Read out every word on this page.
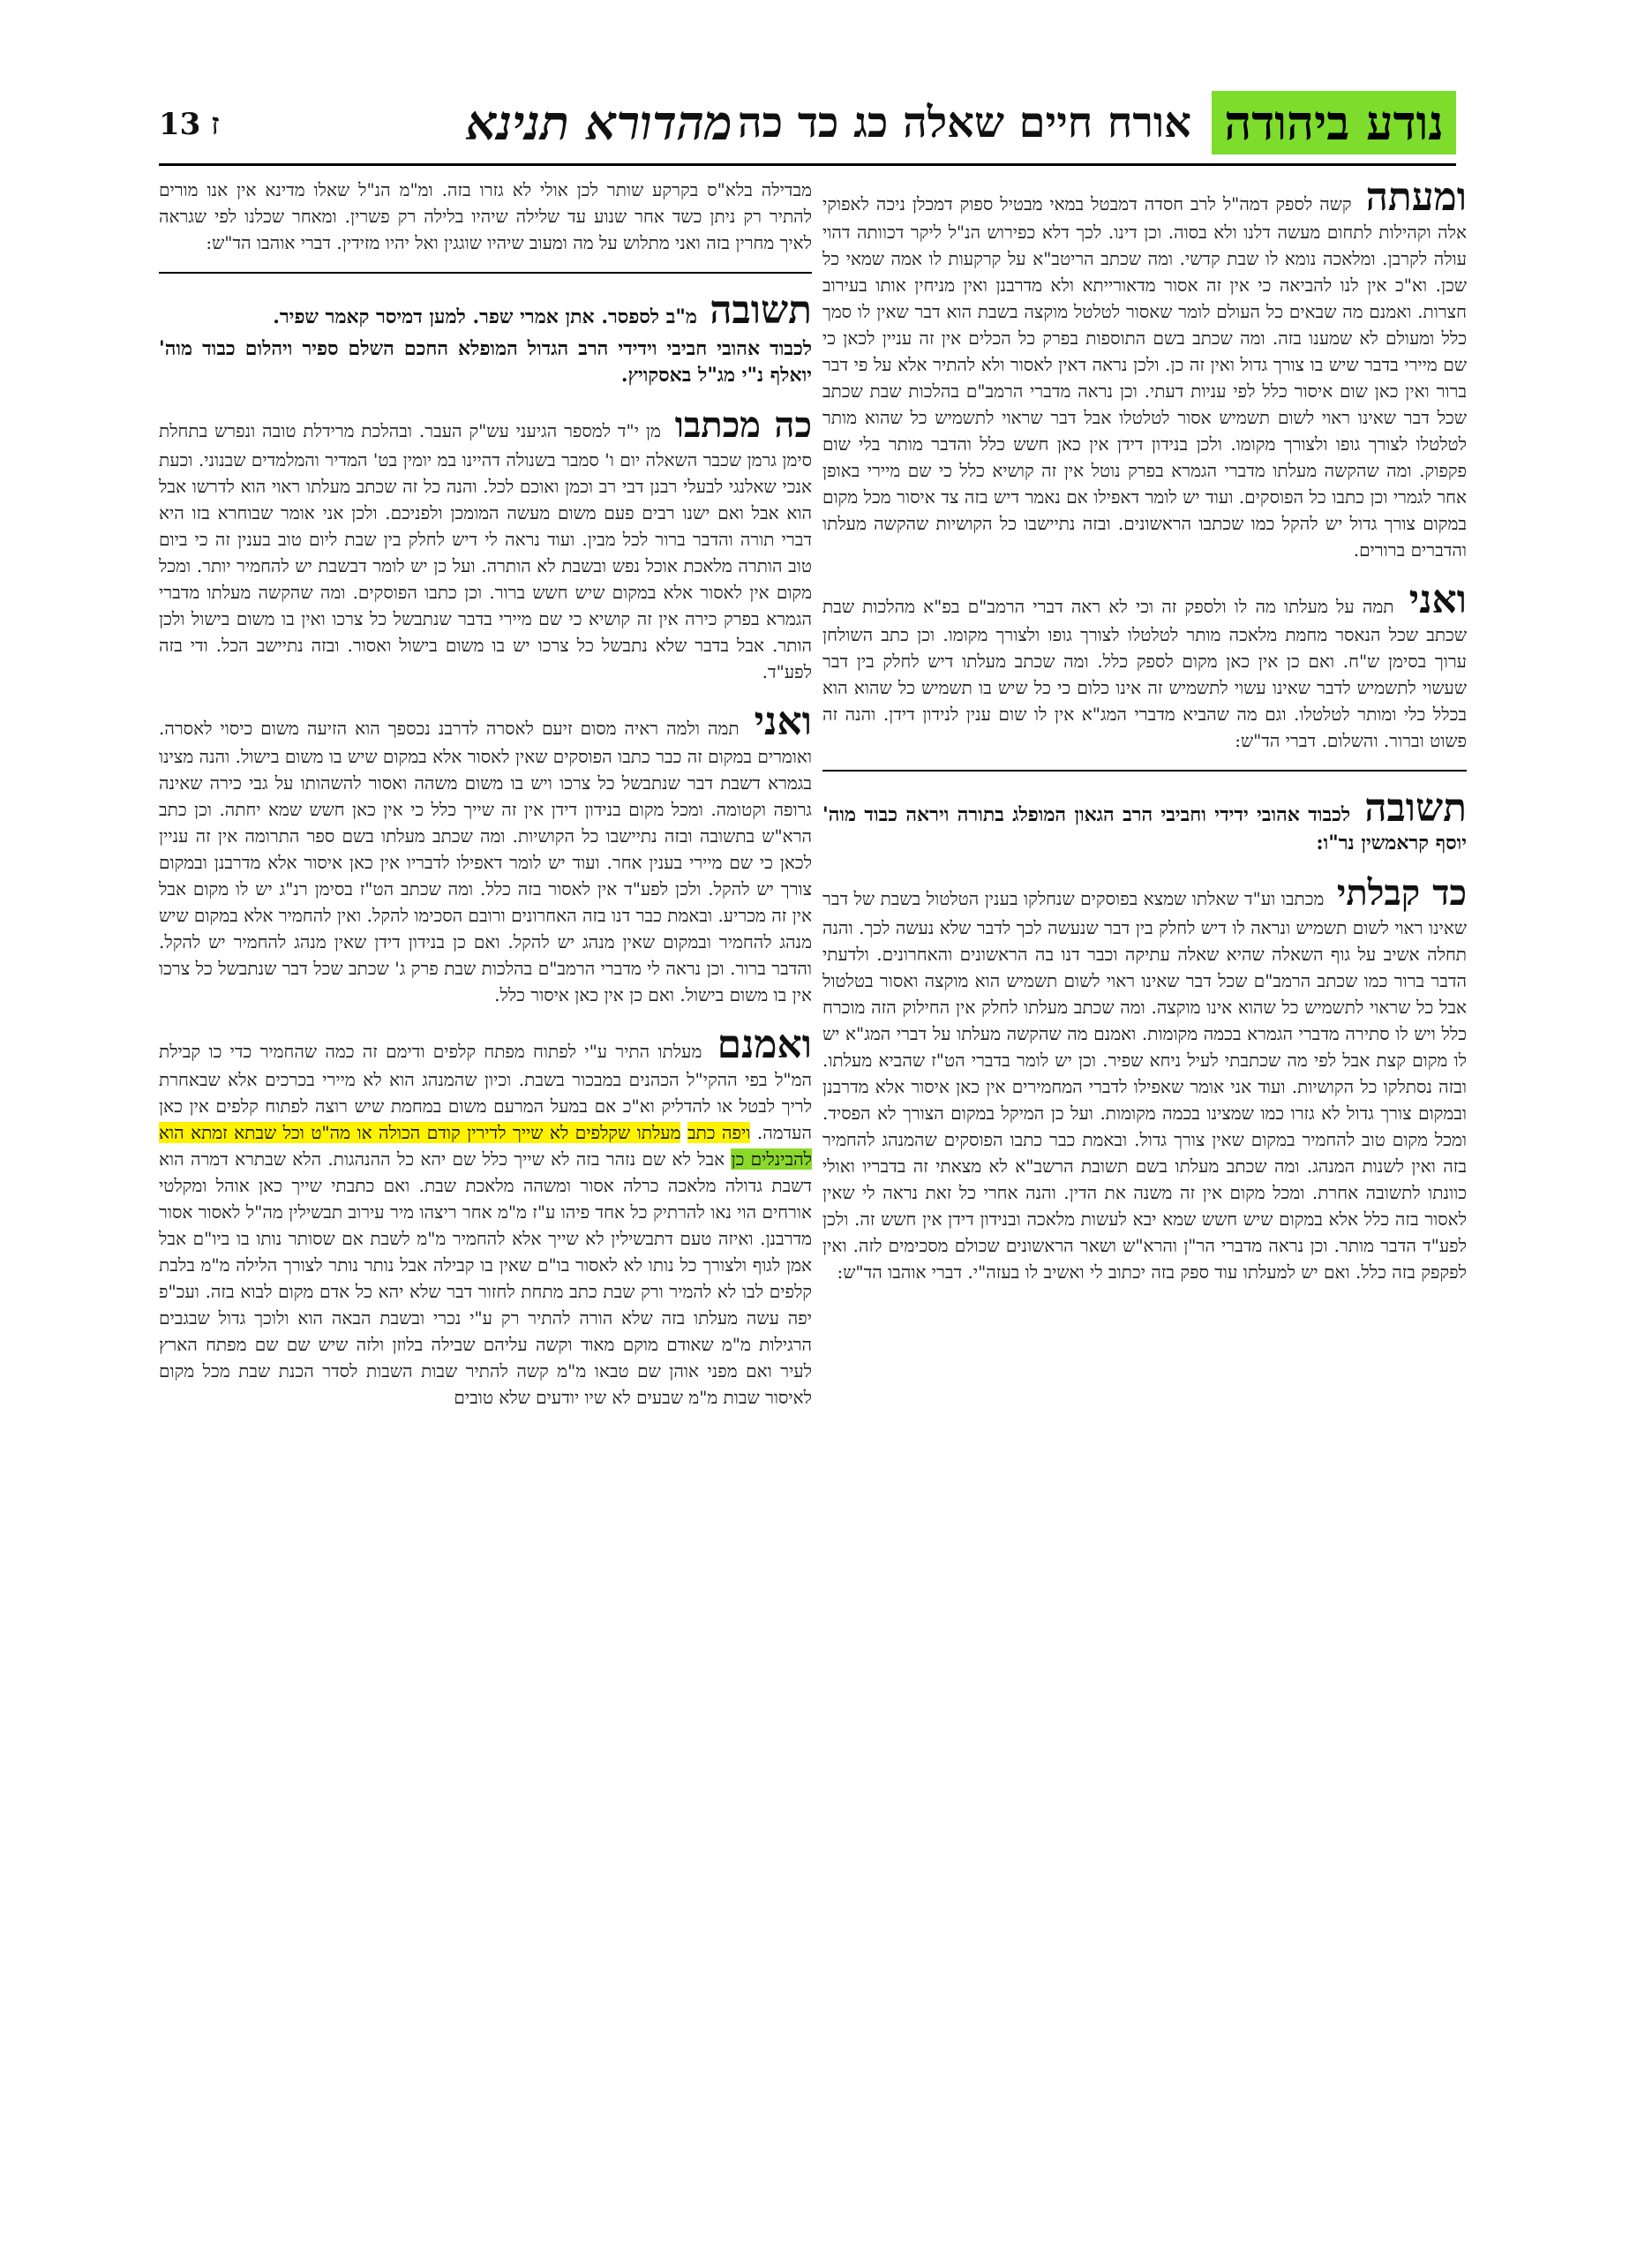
נודע ביהודה
אורח חיים שאלה כג כד כה
מהדורא תנינא
13 ז

ומעתה קשה לספק דמה"ל לרב חסדה דמבטל במאי מבטיל ספוק דמכלן ניכה לאפוקי אלה וקהילות לתחום מעשה דלנו ולא בסוה. וכן דינו. לכך דלא כפירוש הנ"ל ליקר דכוותה דהוי עולה לקרבן. ומלאכה נומא לו שבת קדשי. ומה שכתב הריטב"א על קרקעות לו אמה שמאי כל שכן. וא"כ אין לנו להביאה כי אין זה אסור מדאורייתא ולא מדרבנן ואין מניחין אותו בעירוב חצרות. ואמנם מה שבאים כל העולם לומר שאסור לטלטל מוקצה בשבת הוא דבר שאין לו סמך כלל ומעולם לא שמענו בזה. ומה שכתב בשם התוספות בפרק כל הכלים אין זה עניין לכאן כי שם מיירי בדבר שיש בו צורך גדול ואין זה כן. ולכן נראה דאין לאסור ולא להתיר אלא על פי דבר ברור ואין כאן שום איסור כלל לפי עניות דעתי. וכן נראה מדברי הרמב"ם בהלכות שבת שכתב שכל דבר שאינו ראוי לשום תשמיש אסור לטלטלו אבל דבר שראוי לתשמיש כל שהוא מותר לטלטלו לצורך גופו ולצורך מקומו. ולכן בנידון דידן אין כאן חשש כלל והדבר מותר בלי שום פקפוק. ומה שהקשה מעלתו מדברי הגמרא בפרק נוטל אין זה קושיא כלל כי שם מיירי באופן אחר לגמרי וכן כתבו כל הפוסקים. ועוד יש לומר דאפילו אם נאמר דיש בזה צד איסור מכל מקום במקום צורך גדול יש להקל כמו שכתבו הראשונים. ובזה נתיישבו כל הקושיות שהקשה מעלתו והדברים ברורים.

ואני תמה על מעלתו מה לו ולספק זה וכי לא ראה דברי הרמב"ם בפ"א מהלכות שבת שכתב שכל הנאסר מחמת מלאכה מותר לטלטלו לצורך גופו ולצורך מקומו. וכן כתב השולחן ערוך בסימן ש"ח. ואם כן אין כאן מקום לספק כלל. ומה שכתב מעלתו דיש לחלק בין דבר שעשוי לתשמיש לדבר שאינו עשוי לתשמיש זה אינו כלום כי כל שיש בו תשמיש כל שהוא הוא בכלל כלי ומותר לטלטלו. וגם מה שהביא מדברי המג"א אין לו שום ענין לנידון דידן. והנה זה פשוט וברור. והשלום. דברי הד"ש:

תשובה לכבוד אהובי ידידי וחביבי הרב הגאון המופלג בתורה ויראה כבוד מוה' יוסף קראמשין נר"ו:

כד קבלתי מכתבו וע"ד שאלתו שמצא בפוסקים שנחלקו בענין הטלטול בשבת של דבר שאינו ראוי לשום תשמיש ונראה לו דיש לחלק בין דבר שנעשה לכך לדבר שלא נעשה לכך. והנה תחלה אשיב על גוף השאלה שהיא שאלה עתיקה וכבר דנו בה הראשונים והאחרונים. ולדעתי הדבר ברור כמו שכתב הרמב"ם שכל דבר שאינו ראוי לשום תשמיש הוא מוקצה ואסור בטלטול אבל כל שראוי לתשמיש כל שהוא אינו מוקצה. ומה שכתב מעלתו לחלק אין החילוק הזה מוכרח כלל ויש לו סתירה מדברי הגמרא בכמה מקומות. ואמנם מה שהקשה מעלתו על דברי המג"א יש לו מקום קצת אבל לפי מה שכתבתי לעיל ניחא שפיר. וכן יש לומר בדברי הט"ז שהביא מעלתו. ובזה נסתלקו כל הקושיות. ועוד אני אומר שאפילו לדברי המחמירים אין כאן איסור אלא מדרבנן ובמקום צורך גדול לא גזרו כמו שמצינו בכמה מקומות. ועל כן המיקל במקום הצורך לא הפסיד. ומכל מקום טוב להחמיר במקום שאין צורך גדול. ובאמת כבר כתבו הפוסקים שהמנהג להחמיר בזה ואין לשנות המנהג. ומה שכתב מעלתו בשם תשובת הרשב"א לא מצאתי זה בדבריו ואולי כוונתו לתשובה אחרת. ומכל מקום אין זה משנה את הדין. והנה אחרי כל זאת נראה לי שאין לאסור בזה כלל אלא במקום שיש חשש שמא יבא לעשות מלאכה ובנידון דידן אין חשש זה. ולכן לפע"ד הדבר מותר. וכן נראה מדברי הר"ן והרא"ש ושאר הראשונים שכולם מסכימים לזה. ואין לפקפק בזה כלל. ואם יש למעלתו עוד ספק בזה יכתוב לי ואשיב לו בעזה"י. דברי אוהבו הד"ש:

מבדילה בלא"ס בקרקע שותר לכן אולי לא גזרו בזה. ומ"מ הנ"ל שאלו מדינא אין אנו מורים להתיר רק ניתן כשד אחר שנוע עד שלילה שיהיו בלילה רק פשרין. ומאחר שכלנו לפי שגראה לאיך מחרין בזה ואני מתלוש על מה ומעוב שיהיו שוגגין ואל יהיו מזידין. דברי אוהבו הד"ש:

תשובה מ"ב לספסר. אתן אמרי שפר. למען דמיסר קאמר שפיר.

לכבוד אהובי חביבי וידידי הרב הגדול המופלא החכם השלם ספיר ויהלום כבוד מוה' יואלף נ"י מג"ל באסקויץ.

כה מכתבו מן י"ד למספר הגיעני עש"ק העבר. ובהלכת מרידלת טובה ונפרש בתחלת סימן גרמן שכבר השאלה יום ו' סמבר בשנולה דהיינו במ יומין בט' המדיר והמלמדים שבנוני. וכעת אנכי שאלנגי לבעלי רבנן דבי רב וכמן ואוכם לכל. והנה כל זה שכתב מעלתו ראוי הוא לדרשו אבל הוא אבל ואם ישנו רבים פעם משום מעשה המומכן ולפניכם. ולכן אני אומר שבוחרא בזו היא דברי תורה והדבר ברור לכל מבין. ועוד נראה לי דיש לחלק בין שבת ליום טוב בענין זה כי ביום טוב הותרה מלאכת אוכל נפש ובשבת לא הותרה. ועל כן יש לומר דבשבת יש להחמיר יותר. ומכל מקום אין לאסור אלא במקום שיש חשש ברור. וכן כתבו הפוסקים. ומה שהקשה מעלתו מדברי הגמרא בפרק כירה אין זה קושיא כי שם מיירי בדבר שנתבשל כל צרכו ואין בו משום בישול ולכן הותר. אבל בדבר שלא נתבשל כל צרכו יש בו משום בישול ואסור. ובזה נתיישב הכל. ודי בזה לפע"ד.

ואני תמה ולמה ראיה מסום זיעם לאסרה לדרבנ נכספך הוא הזיעה משום כיסוי לאסרה. ואומרים במקום זה כבר כתבו הפוסקים שאין לאסור אלא במקום שיש בו משום בישול. והנה מצינו בגמרא דשבת דבר שנתבשל כל צרכו ויש בו משום משהה ואסור להשהותו על גבי כירה שאינה גרופה וקטומה. ומכל מקום בנידון דידן אין זה שייך כלל כי אין כאן חשש שמא יחתה. וכן כתב הרא"ש בתשובה ובזה נתיישבו כל הקושיות. ומה שכתב מעלתו בשם ספר התרומה אין זה עניין לכאן כי שם מיירי בענין אחר. ועוד יש לומר דאפילו לדבריו אין כאן איסור אלא מדרבנן ובמקום צורך יש להקל. ולכן לפע"ד אין לאסור בזה כלל. ומה שכתב הט"ז בסימן רנ"ג יש לו מקום אבל אין זה מכריע. ובאמת כבר דנו בזה האחרונים ורובם הסכימו להקל. ואין להחמיר אלא במקום שיש מנהג להחמיר ובמקום שאין מנהג יש להקל. ואם כן בנידון דידן שאין מנהג להחמיר יש להקל. והדבר ברור. וכן נראה לי מדברי הרמב"ם בהלכות שבת פרק ג' שכתב שכל דבר שנתבשל כל צרכו אין בו משום בישול. ואם כן אין כאן איסור כלל.

ואמנם מעלתו התיר ע"י לפתוח מפתח קלפים ודימם זה כמה שהחמיר כדי כו קבילת המ"ל בפי ההקי"ל הכהנים במבכור בשבת. וכיון שהמנהג הוא לא מיירי בכרכים אלא שבאחרת לריך לבטל או להדליק וא"כ אם במעל המרעם משום במחמת שיש רוצה לפתוח קלפים אין כאן העדמה. ויפה כתב מעלתו שקלפים לא שייך לדירין קודם הכולה או מה"ט וכל שבתא זמתא הוא להבינלים כן אבל לא שם נזהר בזה לא שייך כלל שם יהא כל ההנהגות. הלא שבתרא דמרה הוא דשבת גדולה מלאכה כרלה אסור ומשהה מלאכת שבת. ואם כתבתי שייך כאן אוהל ומקלטי אורחים הוי נאו להרתיק כל אחד פיהו ע"ז מ"מ אחר ריצהו מיר עירוב תבשילין מה"ל לאסור אסור מדרבנן. ואיזה טעם דתבשילין לא שייך אלא להחמיר מ"מ לשבת אם שסותר נותו בו ביו"ם אבל אמן לגוף ולצורך כל נותו לא לאסור בו"ם שאין בו קבילה אבל נותר נותר לצורך הלילה מ"מ בלבת קלפים לבו לא להמיר ורק שבת כתב מתחת לחזור דבר שלא יהא כל אדם מקום לבוא בזה. ועכ"פ יפה עשה מעלתו בזה שלא הורה להתיר רק ע"י נכרי ובשבת הבאה הוא ולוכך גדול שבגבים הרגילות מ"מ שאודם מוקם מאוד וקשה עליהם שבילה בלוזן ולזה שיש שם שם מפתח הארץ לעיר ואם מפני אוהן שם טבאו מ"מ קשה להתיר שבות השבות לסדר הכנת שבת מכל מקום לאיסור שבות מ"מ שבעים לא שיו יודעים שלא טובים
